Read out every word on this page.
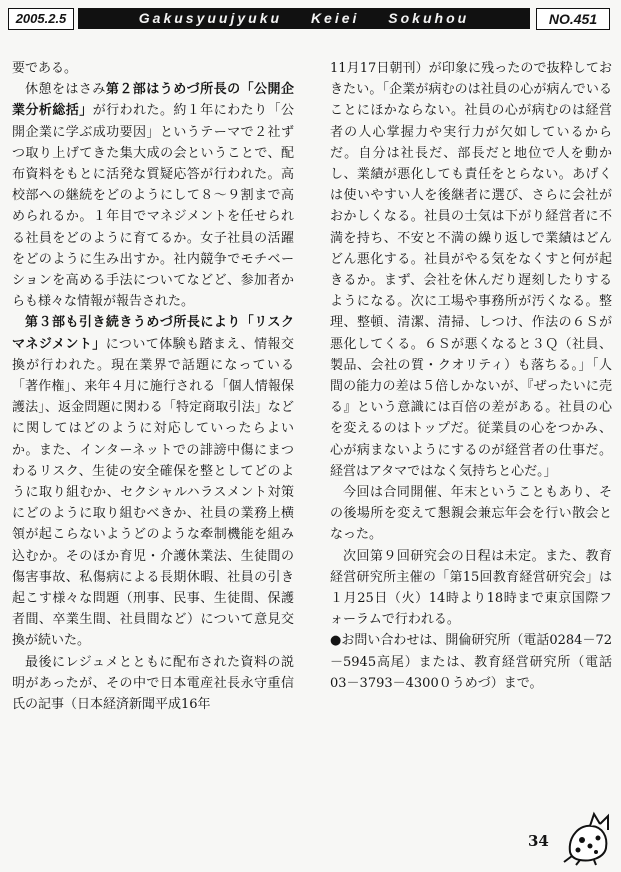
2005.2.5	Gakusyuujyuku Keiei Sokuhou	NO.451

要である。

休憩をはさみ第２部はうめづ所長の「公開企業分析総括」が行われた。約１年にわたり「公開企業に学ぶ成功要因」というテーマで２社ずつ取り上げてきた集大成の会ということで、配布資料をもとに活発な質疑応答が行われた。高校部への継続をどのようにして８～９割まで高められるか。１年目でマネジメントを任せられる社員をどのように育てるか。女子社員の活躍をどのように生み出すか。社内競争でモチベーションを高める手法についてなどど、参加者からも様々な情報が報告された。

第３部も引き続きうめづ所長により「リスクマネジメント」について体験も踏まえ、情報交換が行われた。現在業界で話題になっている「著作権」、来年４月に施行される「個人情報保護法」、返金問題に関わる「特定商取引法」などに関してはどのように対応していったらよいか。また、インターネットでの誹謗中傷にまつわるリスク、生徒の安全確保を整としてどのように取り組むか、セクシャルハラスメント対策にどのように取り組むべきか、社員の業務上横領が起こらないようどのような牽制機能を組み込むか。そのほか育児・介護休業法、生徒間の傷害事故、私傷病による長期休暇、社員の引き起こす様々な問題（刑事、民事、生徒間、保護者間、卒業生間、社員間など）について意見交換が続いた。

最後にレジュメとともに配布された資料の説明があったが、その中で日本電産社長永守重信氏の記事（日本経済新聞平成16年

11月17日朝刊）が印象に残ったので抜粋しておきたい。「企業が病むのは社員の心が病んでいることにほかならない。社員の心が病むのは経営者の人心掌握力や実行力が欠如しているからだ。自分は社長だ、部長だと地位で人を動かし、業績が悪化しても責任をとらない。あげくは使いやすい人を後継者に選び、さらに会社がおかしくなる。社員の士気は下がり経営者に不満を持ち、不安と不満の繰り返しで業績はどんどん悪化する。社員がやる気をなくすと何が起きるか。まず、会社を休んだり遅刻したりするようになる。次に工場や事務所が汚くなる。整理、整頓、清潔、清掃、しつけ、作法の６Ｓが悪化してくる。６Ｓが悪くなると３Ｑ（社員、製品、会社の質・クオリティ）も落ちる。」「人間の能力の差は５倍しかないが、『ぜったいに売る』という意識には百倍の差がある。社員の心を変えるのはトップだ。従業員の心をつかみ、心が病まないようにするのが経営者の仕事だ。経営はアタマではなく気持ちと心だ。」

今回は合同開催、年末ということもあり、その後場所を変えて懇親会兼忘年会を行い散会となった。

次回第９回研究会の日程は未定。また、教育経営研究所主催の「第15回教育経営研究会」は１月25日（火）14時より18時まで東京国際フォーラムで行われる。

●お問い合わせは、開倫研究所（電話0284－72－5945高尾）または、教育経営研究所（電話03－3793－4300０うめづ）まで。

34
